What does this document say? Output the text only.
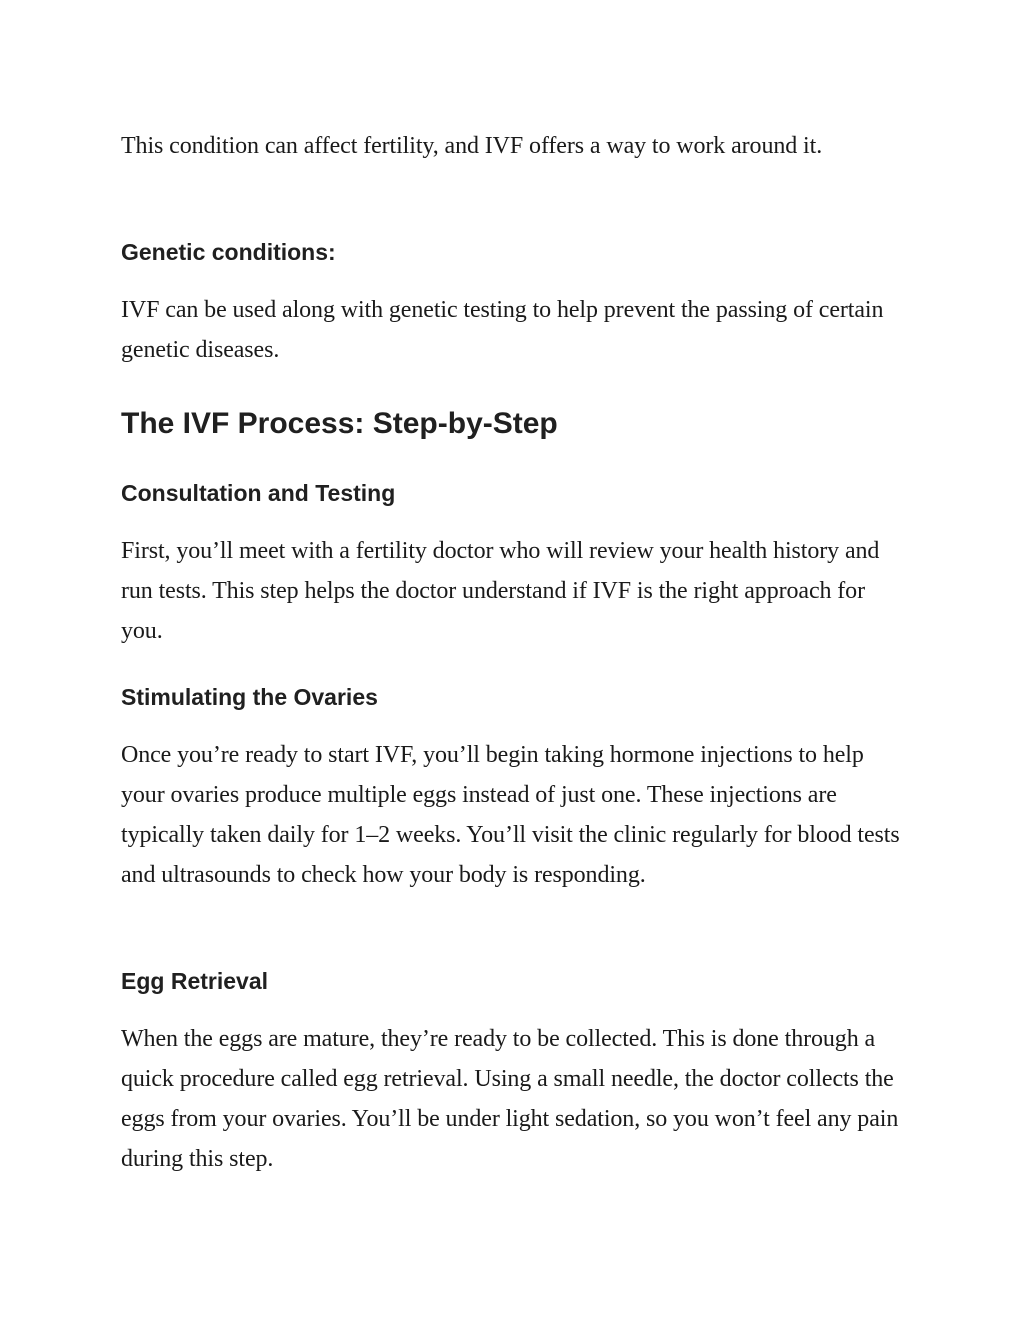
This condition can affect fertility, and IVF offers a way to work around it.

Genetic conditions:

IVF can be used along with genetic testing to help prevent the passing of certain genetic diseases.

The IVF Process: Step-by-Step
Consultation and Testing

First, you’ll meet with a fertility doctor who will review your health history and run tests. This step helps the doctor understand if IVF is the right approach for you.

Stimulating the Ovaries

Once you’re ready to start IVF, you’ll begin taking hormone injections to help your ovaries produce multiple eggs instead of just one. These injections are typically taken daily for 1–2 weeks. You’ll visit the clinic regularly for blood tests and ultrasounds to check how your body is responding.

Egg Retrieval

When the eggs are mature, they’re ready to be collected. This is done through a quick procedure called egg retrieval. Using a small needle, the doctor collects the eggs from your ovaries. You’ll be under light sedation, so you won’t feel any pain during this step.
